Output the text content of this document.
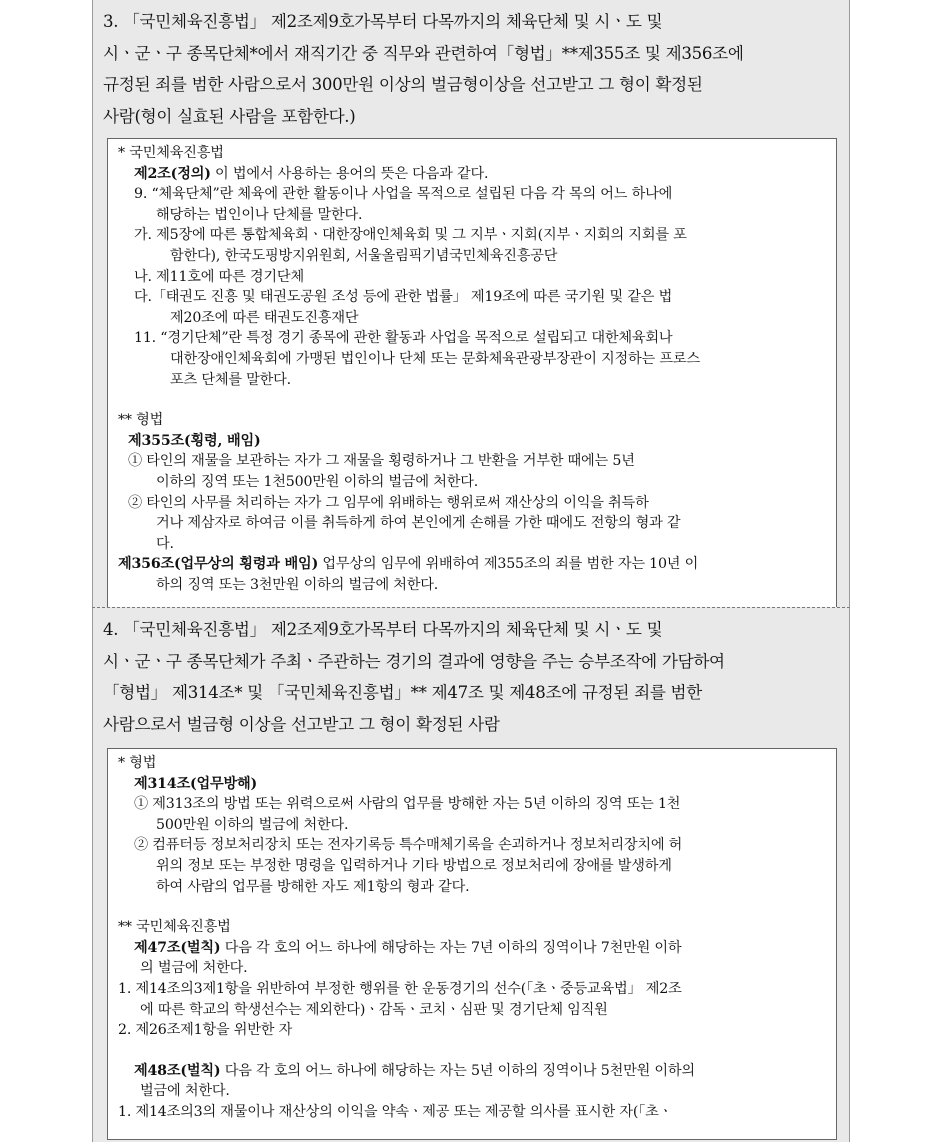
3. 「국민체육진흥법」 제2조제9호가목부터 다목까지의 체육단체 및 시ㆍ도 및
시ㆍ군ㆍ구 종목단체*에서 재직기간 중 직무와 관련하여「형법」**제355조 및 제356조에
규정된 죄를 범한 사람으로서 300만원 이상의 벌금형이상을 선고받고 그 형이 확정된
사람(형이 실효된 사람을 포함한다.)
* 국민체육진흥법
제2조(정의) 이 법에서 사용하는 용어의 뜻은 다음과 같다.
9. “체육단체”란 체육에 관한 활동이나 사업을 목적으로 설립된 다음 각 목의 어느 하나에
해당하는 법인이나 단체를 말한다.
가. 제5장에 따른 통합체육회ㆍ대한장애인체육회 및 그 지부ㆍ지회(지부ㆍ지회의 지회를 포
함한다), 한국도핑방지위원회, 서울올림픽기념국민체육진흥공단
나. 제11호에 따른 경기단체
다.「태권도 진흥 및 태권도공원 조성 등에 관한 법률」 제19조에 따른 국기원 및 같은 법
제20조에 따른 태권도진흥재단
11. “경기단체”란 특정 경기 종목에 관한 활동과 사업을 목적으로 설립되고 대한체육회나
대한장애인체육회에 가맹된 법인이나 단체 또는 문화체육관광부장관이 지정하는 프로스
포츠 단체를 말한다.
** 형법
제355조(횡령, 배임)
① 타인의 재물을 보관하는 자가 그 재물을 횡령하거나 그 반환을 거부한 때에는 5년
이하의 징역 또는 1천500만원 이하의 벌금에 처한다.
② 타인의 사무를 처리하는 자가 그 임무에 위배하는 행위로써 재산상의 이익을 취득하
거나 제삼자로 하여금 이를 취득하게 하여 본인에게 손해를 가한 때에도 전항의 형과 같
다.
제356조(업무상의 횡령과 배임) 업무상의 임무에 위배하여 제355조의 죄를 범한 자는 10년 이
하의 징역 또는 3천만원 이하의 벌금에 처한다.
4. 「국민체육진흥법」 제2조제9호가목부터 다목까지의 체육단체 및 시ㆍ도 및
시ㆍ군ㆍ구 종목단체가 주최ㆍ주관하는 경기의 결과에 영향을 주는 승부조작에 가담하여
「형법」 제314조* 및 「국민체육진흥법」** 제47조 및 제48조에 규정된 죄를 범한
사람으로서 벌금형 이상을 선고받고 그 형이 확정된 사람
* 형법
제314조(업무방해)
① 제313조의 방법 또는 위력으로써 사람의 업무를 방해한 자는 5년 이하의 징역 또는 1천
500만원 이하의 벌금에 처한다.
② 컴퓨터등 정보처리장치 또는 전자기록등 특수매체기록을 손괴하거나 정보처리장치에 허
위의 정보 또는 부정한 명령을 입력하거나 기타 방법으로 정보처리에 장애를 발생하게
하여 사람의 업무를 방해한 자도 제1항의 형과 같다.
** 국민체육진흥법
제47조(벌칙) 다음 각 호의 어느 하나에 해당하는 자는 7년 이하의 징역이나 7천만원 이하
의 벌금에 처한다.
1. 제14조의3제1항을 위반하여 부정한 행위를 한 운동경기의 선수(「초ㆍ중등교육법」 제2조
에 따른 학교의 학생선수는 제외한다)ㆍ감독ㆍ코치ㆍ심판 및 경기단체 임직원
2. 제26조제1항을 위반한 자
제48조(벌칙) 다음 각 호의 어느 하나에 해당하는 자는 5년 이하의 징역이나 5천만원 이하의
벌금에 처한다.
1. 제14조의3의 재물이나 재산상의 이익을 약속ㆍ제공 또는 제공할 의사를 표시한 자(「초ㆍ
